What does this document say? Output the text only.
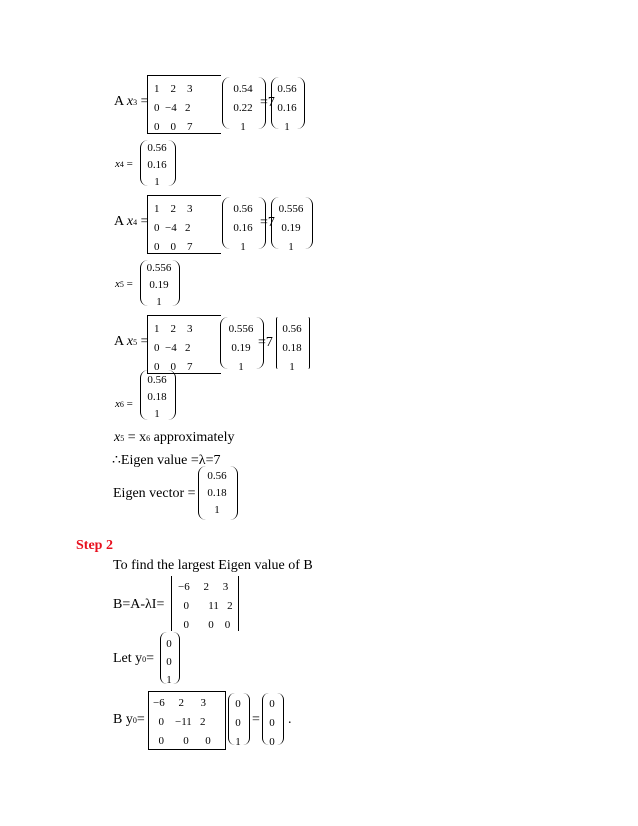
A x3 =
1 2 3
0 −4 2
0 0 7
0.54
0.22
1
=7
0.56
0.16
1
x4 =
0.56
0.16
1
A x4 =
1 2 3
0 −4 2
0 0 7
0.56
0.16
1
=7
0.556
0.19
1
x5 =
0.556
0.19
1
A x5 =
1 2 3
0 −4 2
0 0 7
0.556
0.19
1
=7
0.56
0.18
1
x6 =
0.56
0.18
1
x5 = x6 approximately
∴Eigen value =λ=7
Eigen vector =
0.56
0.18
1
Step 2
To find the largest Eigen value of B
B=A-λI=
−6 2 3
0 11 2
0 0 0
Let y0=
0
0
1
B y0=
−6 2 3
0 −11 2
0 0 0
0
0
1
=
0
0
0
.
